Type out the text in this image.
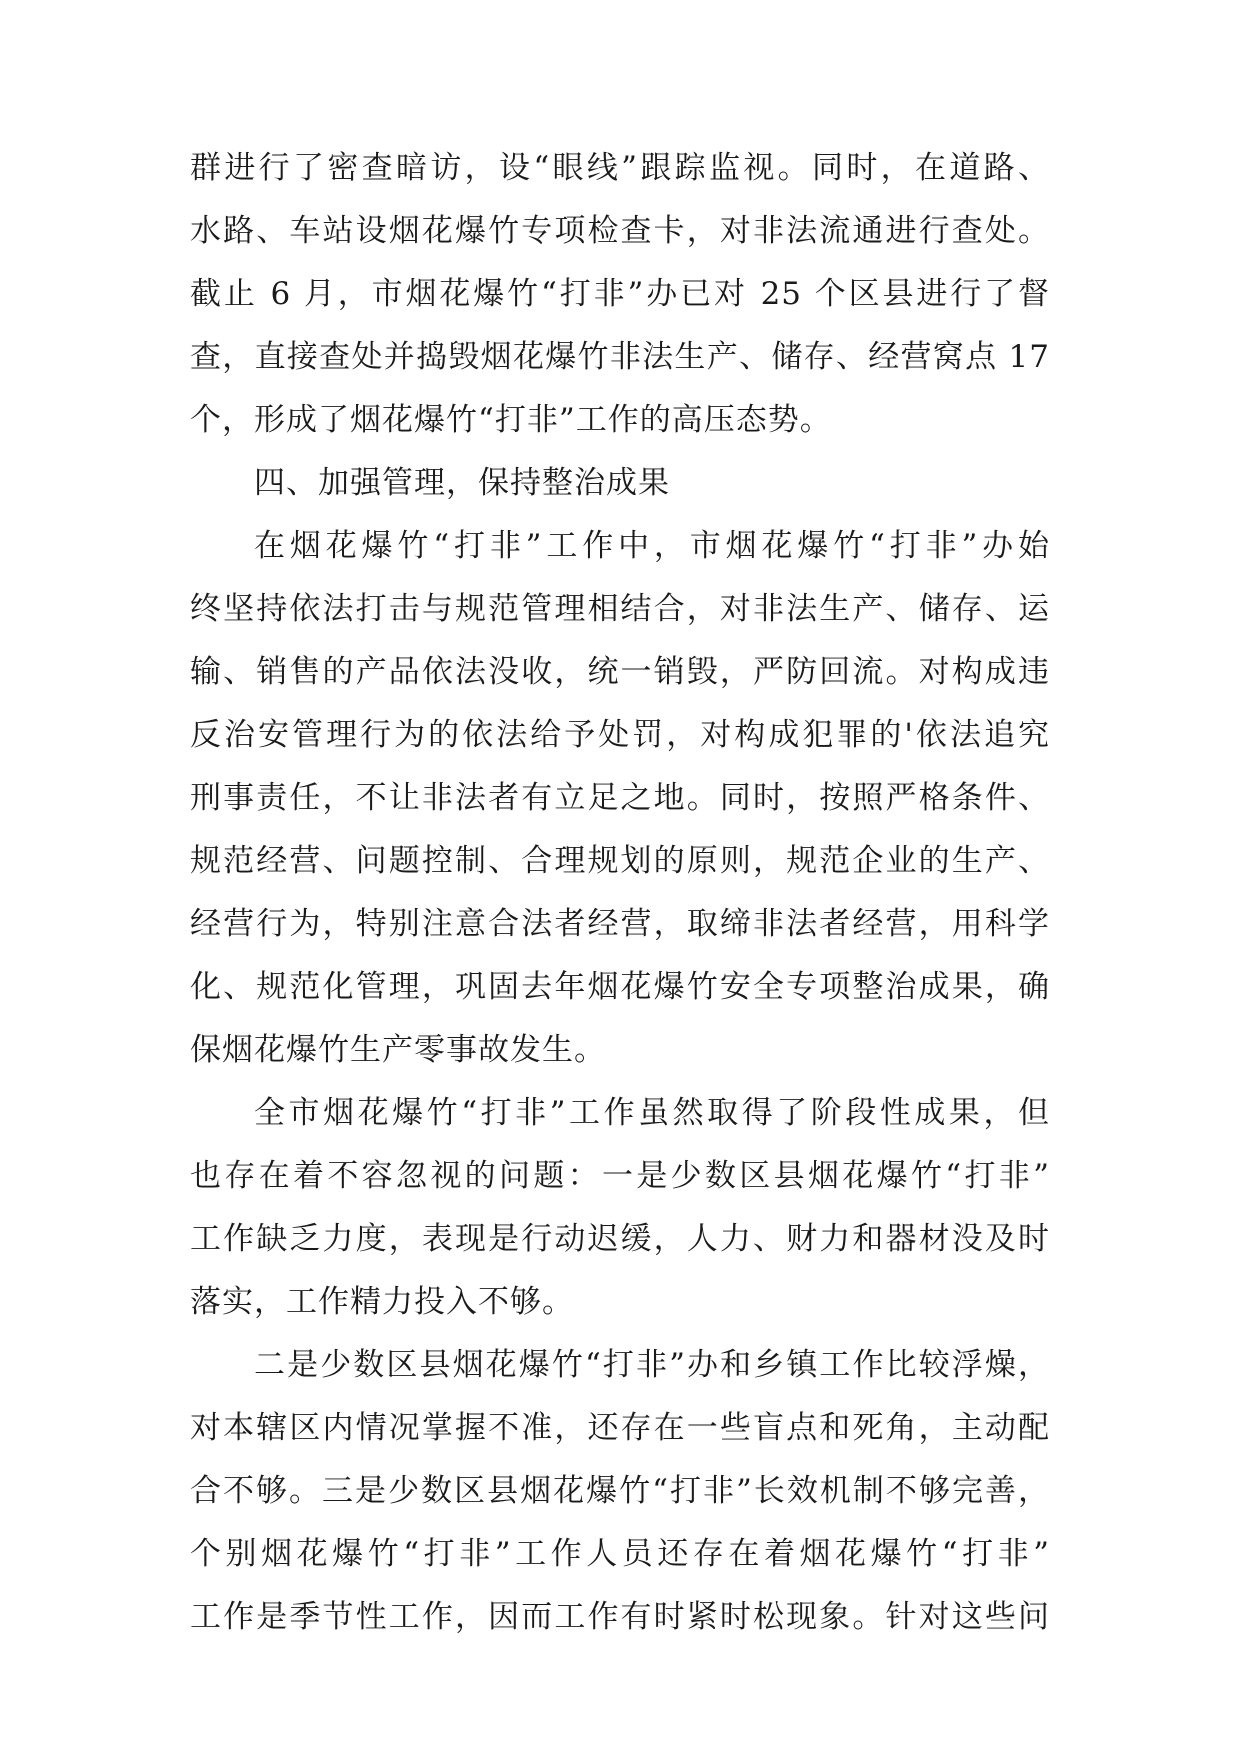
群进行了密查暗访，设“眼线”跟踪监视。同时，在道路、
水路、车站设烟花爆竹专项检查卡，对非法流通进行查处。
截止 6 月，市烟花爆竹“打非”办已对 25 个区县进行了督
查，直接查处并捣毁烟花爆竹非法生产、储存、经营窝点 17
个，形成了烟花爆竹“打非”工作的高压态势。
四、加强管理，保持整治成果
在烟花爆竹“打非”工作中，市烟花爆竹“打非”办始
终坚持依法打击与规范管理相结合，对非法生产、储存、运
输、销售的产品依法没收，统一销毁，严防回流。对构成违
反治安管理行为的依法给予处罚，对构成犯罪的'依法追究
刑事责任，不让非法者有立足之地。同时，按照严格条件、
规范经营、问题控制、合理规划的原则，规范企业的生产、
经营行为，特别注意合法者经营，取缔非法者经营，用科学
化、规范化管理，巩固去年烟花爆竹安全专项整治成果，确
保烟花爆竹生产零事故发生。
全市烟花爆竹“打非”工作虽然取得了阶段性成果，但
也存在着不容忽视的问题：一是少数区县烟花爆竹“打非”
工作缺乏力度，表现是行动迟缓，人力、财力和器材没及时
落实，工作精力投入不够。
二是少数区县烟花爆竹“打非”办和乡镇工作比较浮燥，
对本辖区内情况掌握不准，还存在一些盲点和死角，主动配
合不够。三是少数区县烟花爆竹“打非”长效机制不够完善，
个别烟花爆竹“打非”工作人员还存在着烟花爆竹“打非”
工作是季节性工作，因而工作有时紧时松现象。针对这些问
